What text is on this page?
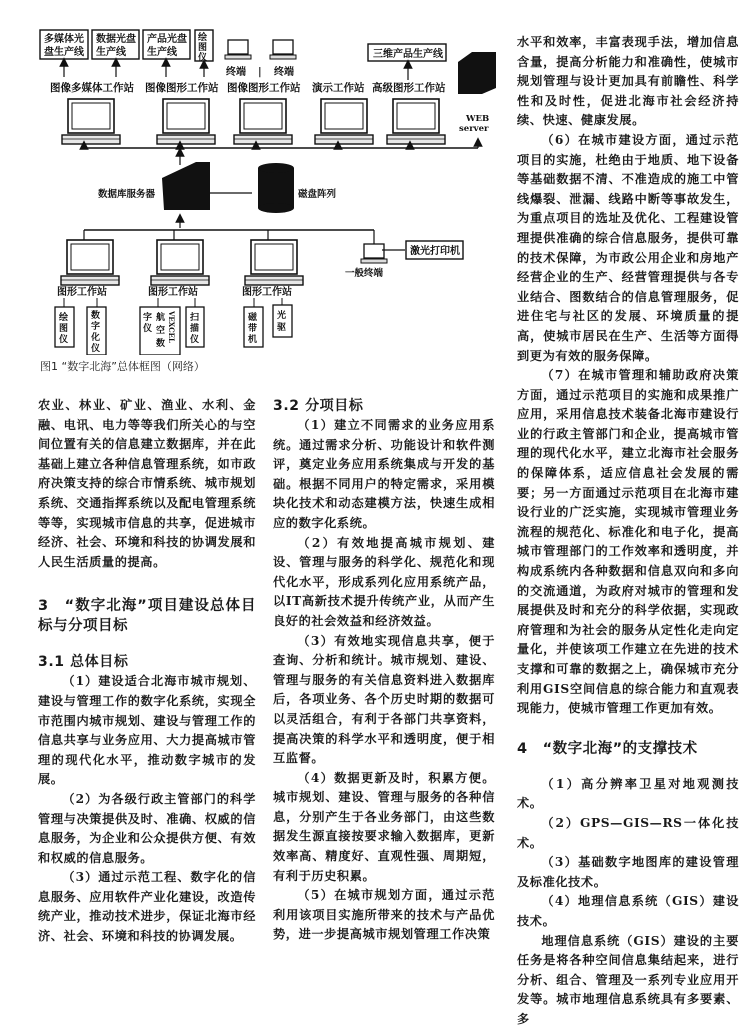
多媒体光
盘生产线
数据光盘
生产线
产品光盘
生产线
绘
图
仪	三维产品生产线
终端 | 终端
图像多媒体工作站 图像图形工作站 图像图形工作站 演示工作站 高级图形工作站
WEB
server
数据库服务器	磁盘阵列
激光打印机
一般终端
图形工作站	图形工作站	图形工作站
绘
图
仪
数
字
化
仪
字
仪
航
空
数
VEXCEL 扫
描
仪
磁
带
机
光
驱
图1 “数字北海”总体框图（网络）

农业、林业、矿业、渔业、水利、金融、电讯、电力等等我们所关心的与空间位置有关的信息建立数据库，并在此基础上建立各种信息管理系统，如市政府决策支持的综合市情系统、城市规划系统、交通指挥系统以及配电管理系统等等，实现城市信息的共享，促进城市经济、社会、环境和科技的协调发展和人民生活质量的提高。

3　“数字北海”项目建设总体目标与分项目标

3.1 总体目标

（1）建设适合北海市城市规划、建设与管理工作的数字化系统，实现全市范围内城市规划、建设与管理工作的信息共享与业务应用、大力提高城市管理的现代化水平，推动数字城市的发展。

（2）为各级行政主管部门的科学管理与决策提供及时、准确、权威的信息服务，为企业和公众提供方便、有效和权威的信息服务。

（3）通过示范工程、数字化的信息服务、应用软件产业化建设，改造传统产业，推动技术进步，保证北海市经济、社会、环境和科技的协调发展。

3.2 分项目标

（1）建立不同需求的业务应用系统。通过需求分析、功能设计和软件测评，奠定业务应用系统集成与开发的基础。根据不同用户的特定需求，采用模块化技术和动态建模方法，快速生成相应的数字化系统。

（2）有效地提高城市规划、建设、管理与服务的科学化、规范化和现代化水平，形成系列化应用系统产品，以IT高新技术提升传统产业，从而产生良好的社会效益和经济效益。

（3）有效地实现信息共享，便于查询、分析和统计。城市规划、建设、管理与服务的有关信息资料进入数据库后，各项业务、各个历史时期的数据可以灵活组合，有利于各部门共享资料，提高决策的科学水平和透明度，便于相互监督。

（4）数据更新及时，积累方便。城市规划、建设、管理与服务的各种信息，分别产生于各业务部门，由这些数据发生源直接按要求输入数据库，更新效率高、精度好、直观性强、周期短，有利于历史积累。

（5）在城市规划方面，通过示范利用该项目实施所带来的技术与产品优势，进一步提高城市规划管理工作决策

水平和效率，丰富表现手法，增加信息含量，提高分析能力和准确性，使城市规划管理与设计更加具有前瞻性、科学性和及时性，促进北海市社会经济持续、快速、健康发展。

（6）在城市建设方面，通过示范项目的实施，杜绝由于地质、地下设备等基础数据不清、不准造成的施工中管线爆裂、泄漏、线路中断等事故发生，为重点项目的选址及优化、工程建设管理提供准确的综合信息服务，提供可靠的技术保障，为市政公用企业和房地产经营企业的生产、经营管理提供与各专业结合、图数结合的信息管理服务，促进住宅与社区的发展、环境质量的提高，使城市居民在生产、生活等方面得到更为有效的服务保障。

（7）在城市管理和辅助政府决策方面，通过示范项目的实施和成果推广应用，采用信息技术装备北海市建设行业的行政主管部门和企业，提高城市管理的现代化水平，建立北海市社会服务的保障体系，适应信息社会发展的需要；另一方面通过示范项目在北海市建设行业的广泛实施，实现城市管理业务流程的规范化、标准化和电子化，提高城市管理部门的工作效率和透明度，并构成系统内各种数据和信息双向和多向的交流通道，为政府对城市的管理和发展提供及时和充分的科学依据，实现政府管理和为社会的服务从定性化走向定量化，并使该项工作建立在先进的技术支撑和可靠的数据之上，确保城市充分利用GIS空间信息的综合能力和直观表现能力，使城市管理工作更加有效。

4　“数字北海”的支撑技术

（1）高分辨率卫星对地观测技术。

（2）GPS—GIS—RS一体化技术。

（3）基础数字地图库的建设管理及标准化技术。

（4）地理信息系统（GIS）建设技术。

地理信息系统（GIS）建设的主要任务是将各种空间信息集结起来，进行分析、组合、管理及一系列专业应用开发等。城市地理信息系统具有多要素、多
